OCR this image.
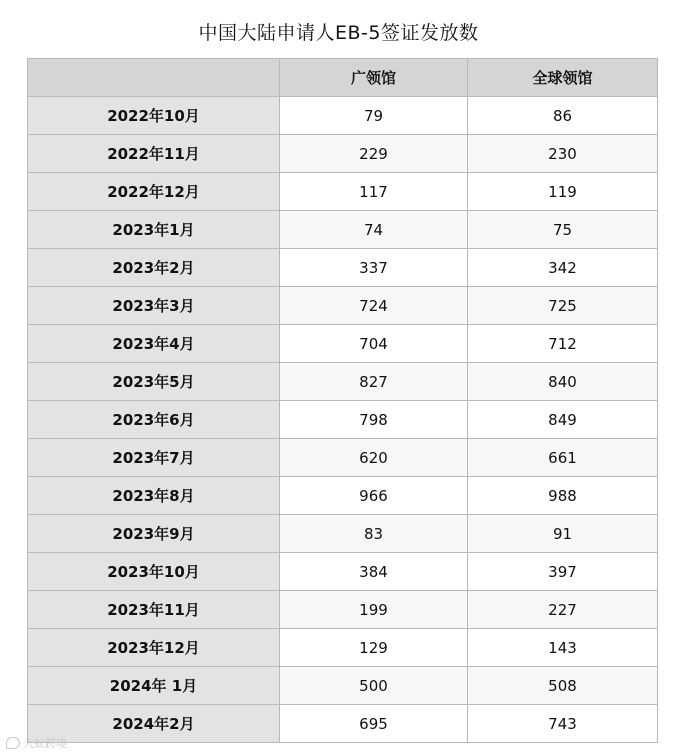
中国大陆申请人EB-5签证发放数
	广领馆	全球领馆
2022年10月	79	86
2022年11月	229	230
2022年12月	117	119
2023年1月	74	75
2023年2月	337	342
2023年3月	724	725
2023年4月	704	712
2023年5月	827	840
2023年6月	798	849
2023年7月	620	661
2023年8月	966	988
2023年9月	83	91
2023年10月	384	397
2023年11月	199	227
2023年12月	129	143
2024年 1月	500	508
2024年2月	695	743
大蚁跨境
